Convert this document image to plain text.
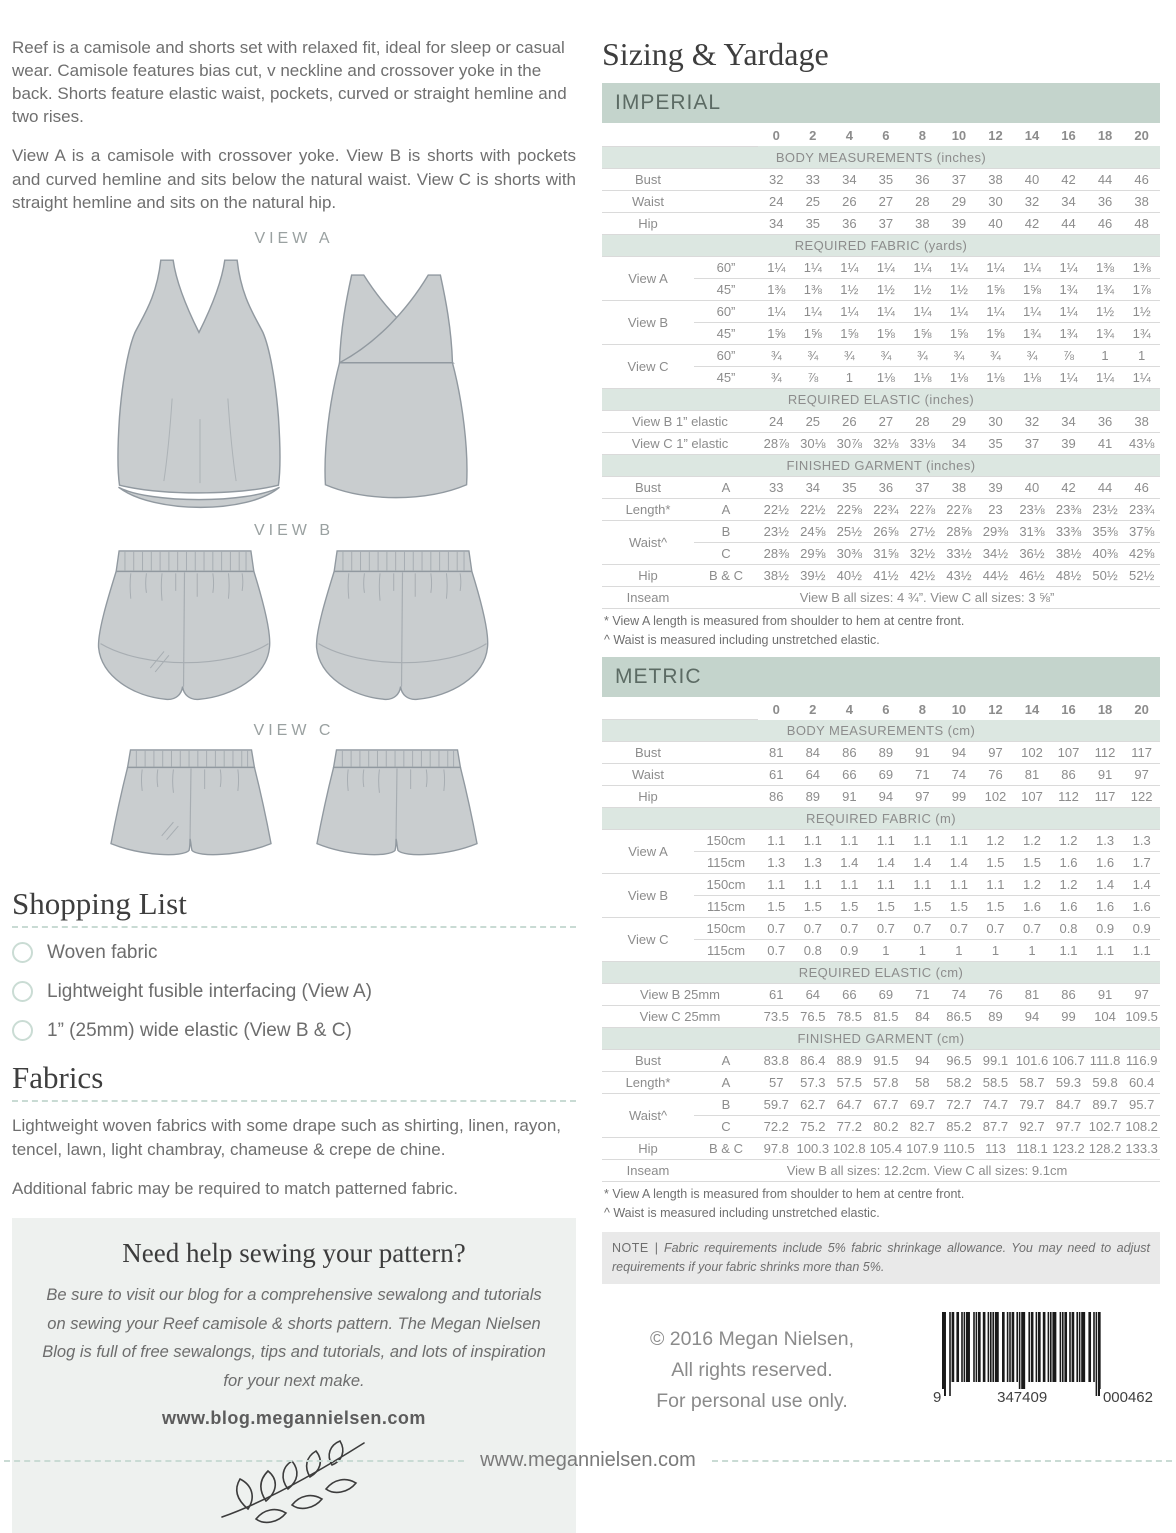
Reef is a camisole and shorts set with relaxed fit, ideal for sleep or casual wear. Camisole features bias cut, v neckline and crossover yoke in the back. Shorts feature elastic waist, pockets, curved or straight hemline and two rises.

View A is a camisole with crossover yoke. View B is shorts with pockets and curved hemline and sits below the natural waist. View C is shorts with straight hemline and sits on the natural hip.

VIEW A
VIEW B
VIEW C
Shopping List
Woven fabric
Lightweight fusible interfacing (View A)
1” (25mm) wide elastic (View B & C)
Fabrics

Lightweight woven fabrics with some drape such as shirting, linen, rayon, tencel, lawn, light chambray, chameuse & crepe de chine.

Additional fabric may be required to match patterned fabric.

Need help sewing your pattern?

Be sure to visit our blog for a comprehensive sewalong and tutorials on sewing your Reef camisole & shorts pattern. The Megan Nielsen Blog is full of free sewalongs, tips and tutorials, and lots of inspiration for your next make.

www.blog.megannielsen.com
Sizing & Yardage
IMPERIAL
		0	2	4	6	8	10	12	14	16	18	20
BODY MEASUREMENTS (inches)												
Bust		32	33	34	35	36	37	38	40	42	44	46
Waist		24	25	26	27	28	29	30	32	34	36	38
Hip		34	35	36	37	38	39	40	42	44	46	48
REQUIRED FABRIC (yards)												
View A	60”	1¼	1¼	1¼	1¼	1¼	1¼	1¼	1¼	1¼	1⅜	1⅜
	45”	1⅜	1⅜	1½	1½	1½	1½	1⅝	1⅝	1¾	1¾	1⅞
View B	60”	1¼	1¼	1¼	1¼	1¼	1¼	1¼	1¼	1¼	1½	1½
	45”	1⅝	1⅝	1⅝	1⅝	1⅝	1⅝	1⅝	1¾	1¾	1¾	1¾
View C	60”	¾	¾	¾	¾	¾	¾	¾	¾	⅞	1	1
	45”	¾	⅞	1	1⅛	1⅛	1⅛	1⅛	1⅛	1¼	1¼	1¼
REQUIRED ELASTIC (inches)												
View B 1” elastic		24	25	26	27	28	29	30	32	34	36	38
View C 1” elastic		28⅞	30⅛	30⅞	32⅛	33⅛	34	35	37	39	41	43⅛
FINISHED GARMENT (inches)												
Bust	A	33	34	35	36	37	38	39	40	42	44	46
Length*	A	22½	22½	22⅝	22¾	22⅞	22⅞	23	23⅛	23⅜	23½	23¾
Waist^	B	23½	24⅝	25½	26⅝	27½	28⅝	29⅜	31⅜	33⅜	35⅜	37⅝
	C	28⅜	29⅝	30⅜	31⅝	32½	33½	34½	36½	38½	40⅜	42⅝
Hip	B & C	38½	39½	40½	41½	42½	43½	44½	46½	48½	50½	52½
Inseam	View B all sizes: 4 ¾”. View C all sizes: 3 ⅝”											
* View A length is measured from shoulder to hem at centre front.
^ Waist is measured including unstretched elastic.
METRIC
		0	2	4	6	8	10	12	14	16	18	20
BODY MEASUREMENTS (cm)												
Bust		81	84	86	89	91	94	97	102	107	112	117
Waist		61	64	66	69	71	74	76	81	86	91	97
Hip		86	89	91	94	97	99	102	107	112	117	122
REQUIRED FABRIC (m)												
View A	150cm	1.1	1.1	1.1	1.1	1.1	1.1	1.2	1.2	1.2	1.3	1.3
	115cm	1.3	1.3	1.4	1.4	1.4	1.4	1.5	1.5	1.6	1.6	1.7
View B	150cm	1.1	1.1	1.1	1.1	1.1	1.1	1.1	1.2	1.2	1.4	1.4
	115cm	1.5	1.5	1.5	1.5	1.5	1.5	1.5	1.6	1.6	1.6	1.6
View C	150cm	0.7	0.7	0.7	0.7	0.7	0.7	0.7	0.7	0.8	0.9	0.9
	115cm	0.7	0.8	0.9	1	1	1	1	1	1.1	1.1	1.1
REQUIRED ELASTIC (cm)												
View B 25mm		61	64	66	69	71	74	76	81	86	91	97
View C 25mm		73.5	76.5	78.5	81.5	84	86.5	89	94	99	104	109.5
FINISHED GARMENT (cm)												
Bust	A	83.8	86.4	88.9	91.5	94	96.5	99.1	101.6	106.7	111.8	116.9
Length*	A	57	57.3	57.5	57.8	58	58.2	58.5	58.7	59.3	59.8	60.4
Waist^	B	59.7	62.7	64.7	67.7	69.7	72.7	74.7	79.7	84.7	89.7	95.7
	C	72.2	75.2	77.2	80.2	82.7	85.2	87.7	92.7	97.7	102.7	108.2
Hip	B & C	97.8	100.3	102.8	105.4	107.9	110.5	113	118.1	123.2	128.2	133.3
Inseam	View B all sizes: 12.2cm. View C all sizes: 9.1cm											
* View A length is measured from shoulder to hem at centre front.
^ Waist is measured including unstretched elastic.
NOTE | Fabric requirements include 5% fabric shrinkage allowance. You may need to adjust requirements if your fabric shrinks more than 5%.
© 2016 Megan Nielsen,
All rights reserved.
For personal use only.	9	347409	000462
www.megannielsen.com
